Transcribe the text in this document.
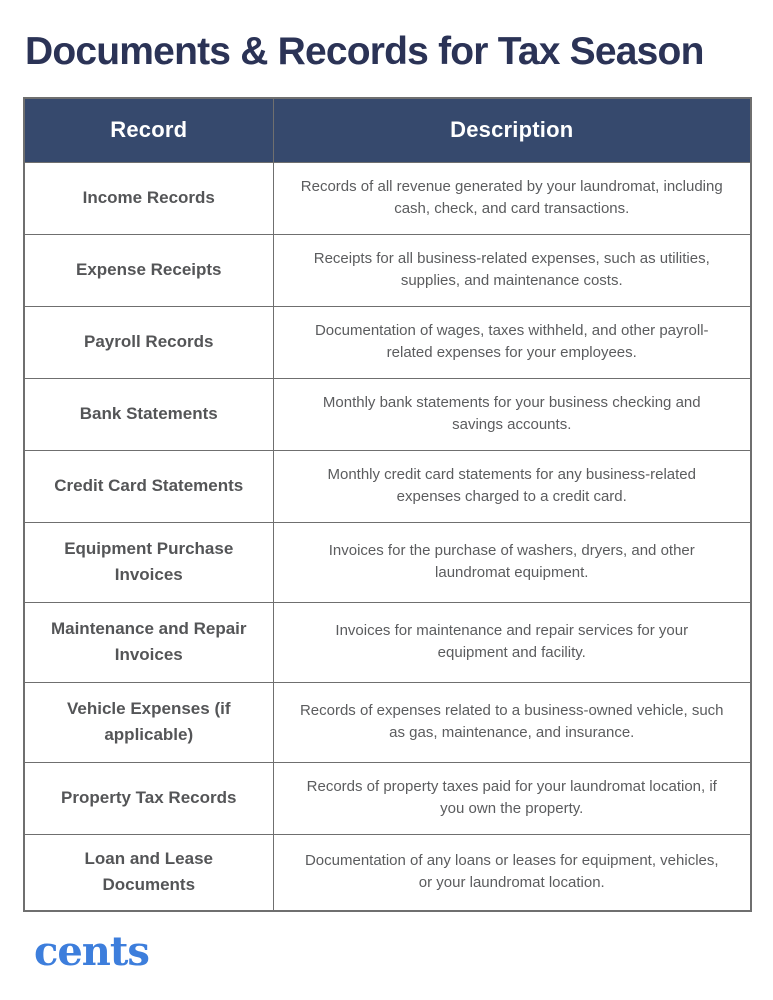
Documents & Records for Tax Season
Record	Description
Income Records	Records of all revenue generated by your laundromat, including cash, check, and card transactions.
Expense Receipts	Receipts for all business-related expenses, such as utilities, supplies, and maintenance costs.
Payroll Records	Documentation of wages, taxes withheld, and other payroll-related expenses for your employees.
Bank Statements	Monthly bank statements for your business checking and savings accounts.
Credit Card Statements	Monthly credit card statements for any business-related expenses charged to a credit card.
Equipment Purchase Invoices	Invoices for the purchase of washers, dryers, and other laundromat equipment.
Maintenance and Repair Invoices	Invoices for maintenance and repair services for your equipment and facility.
Vehicle Expenses (if applicable)	Records of expenses related to a business-owned vehicle, such as gas, maintenance, and insurance.
Property Tax Records	Records of property taxes paid for your laundromat location, if you own the property.
Loan and Lease Documents	Documentation of any loans or leases for equipment, vehicles, or your laundromat location.
cents
